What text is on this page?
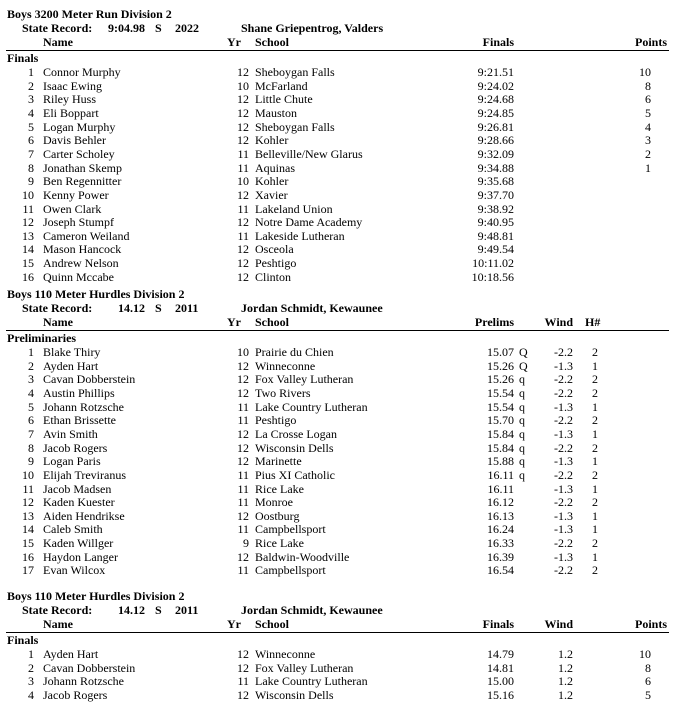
Boys 3200 Meter Run Division 2
State Record:	9:04.98 S 2022	Shane Griepentrog, Valders
Name	Yr School	Finals	Points
Finals
1 Connor Murphy	12 Sheboygan Falls	9:21.51	10
2 Isaac Ewing	10 McFarland	9:24.02	8
3 Riley Huss	12 Little Chute	9:24.68	6
4 Eli Boppart	12 Mauston	9:24.85	5
5 Logan Murphy	12 Sheboygan Falls	9:26.81	4
6 Davis Behler	12 Kohler	9:28.66	3
7 Carter Scholey	11 Belleville/New Glarus	9:32.09	2
8 Jonathan Skemp	11 Aquinas	9:34.88	1
9 Ben Regennitter	10 Kohler	9:35.68
10 Kenny Power	12 Xavier	9:37.70
11 Owen Clark	11 Lakeland Union	9:38.92
12 Joseph Stumpf	12 Notre Dame Academy	9:40.95
13 Cameron Weiland	11 Lakeside Lutheran	9:48.81
14 Mason Hancock	12 Osceola	9:49.54
15 Andrew Nelson	12 Peshtigo	10:11.02
16 Quinn Mccabe	12 Clinton	10:18.56
Boys 110 Meter Hurdles Division 2
State Record:	14.12 S 2011	Jordan Schmidt, Kewaunee
Name	Yr School	Prelims	Wind H#
Preliminaries
1 Blake Thiry	10 Prairie du Chien	15.07 Q	-2.2 2
2 Ayden Hart	12 Winneconne	15.26 Q	-1.3 1
3 Cavan Dobberstein	12 Fox Valley Lutheran	15.26 q	-2.2 2
4 Austin Phillips	12 Two Rivers	15.54 q	-2.2 2
5 Johann Rotzsche	11 Lake Country Lutheran	15.54 q	-1.3 1
6 Ethan Brissette	11 Peshtigo	15.70 q	-2.2 2
7 Avin Smith	12 La Crosse Logan	15.84 q	-1.3 1
8 Jacob Rogers	12 Wisconsin Dells	15.84 q	-2.2 2
9 Logan Paris	12 Marinette	15.88 q	-1.3 1
10 Elijah Treviranus	11 Pius XI Catholic	16.11 q	-2.2 2
11 Jacob Madsen	11 Rice Lake	16.11	-1.3 1
12 Kaden Kuester	11 Monroe	16.12	-2.2 2
13 Aiden Hendrikse	12 Oostburg	16.13	-1.3 1
14 Caleb Smith	11 Campbellsport	16.24	-1.3 1
15 Kaden Willger	9 Rice Lake	16.33	-2.2 2
16 Haydon Langer	12 Baldwin-Woodville	16.39	-1.3 1
17 Evan Wilcox	11 Campbellsport	16.54	-2.2 2
Boys 110 Meter Hurdles Division 2
State Record:	14.12 S 2011	Jordan Schmidt, Kewaunee
Name	Yr School	Finals	Wind	Points
Finals
1 Ayden Hart	12 Winneconne	14.79	1.2	10
2 Cavan Dobberstein	12 Fox Valley Lutheran	14.81	1.2	8
3 Johann Rotzsche	11 Lake Country Lutheran	15.00	1.2	6
4 Jacob Rogers	12 Wisconsin Dells	15.16	1.2	5
